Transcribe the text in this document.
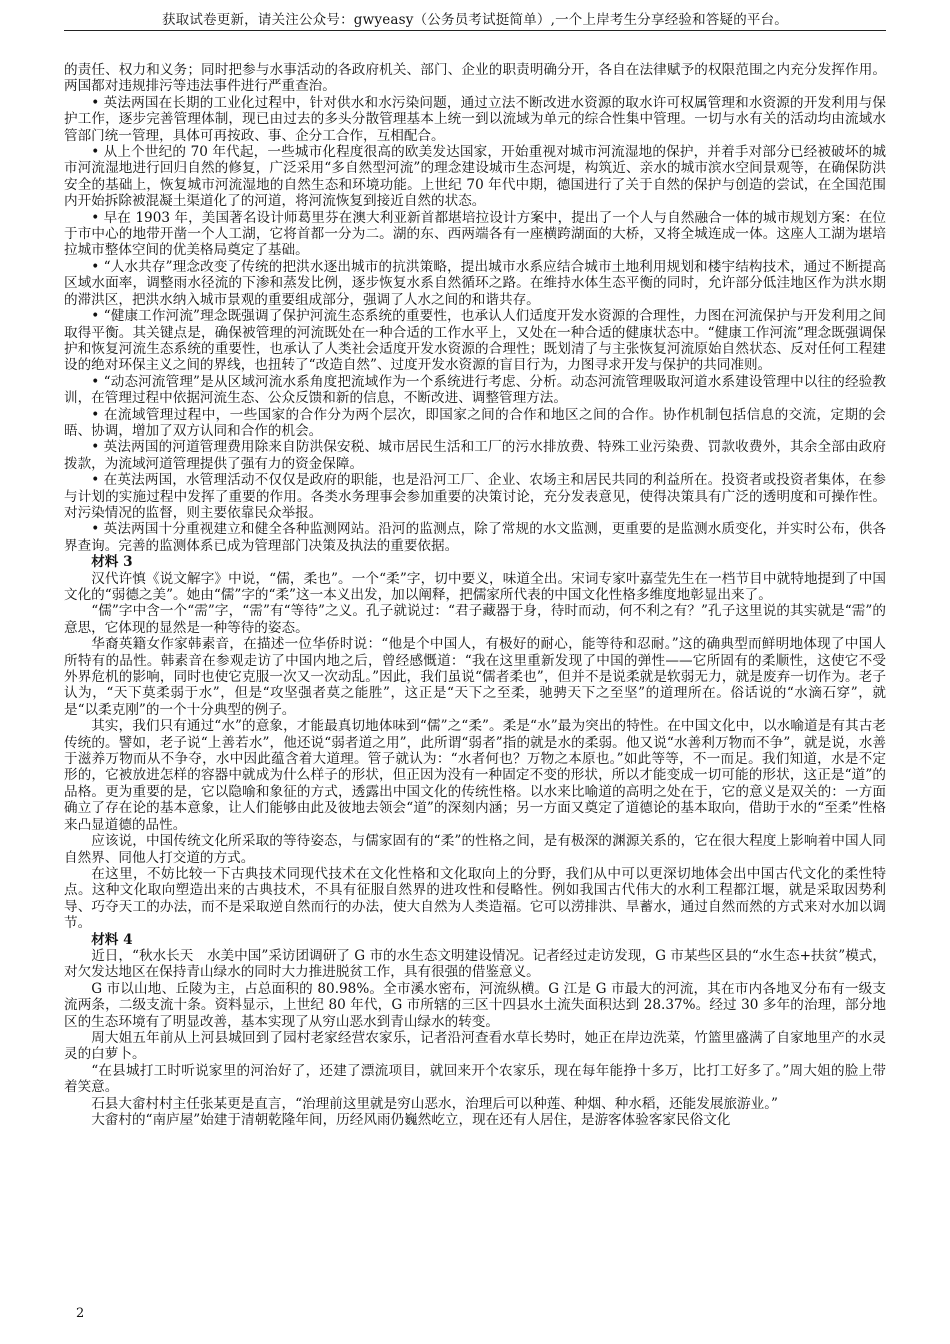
获取试卷更新，请关注公众号：gwyeasy（公务员考试挺简单）,一个上岸考生分享经验和答疑的平台。

的责任、权力和义务；同时把参与水事活动的各政府机关、部门、企业的职责明确分开，各自在法律赋予的权限范围之内充分发挥作用。两国都对违规排污等违法事件进行严重查治。

• 英法两国在长期的工业化过程中，针对供水和水污染问题，通过立法不断改进水资源的取水许可权属管理和水资源的开发利用与保护工作，逐步完善管理体制，现已由过去的多头分散管理基本上统一到以流域为单元的综合性集中管理。一切与水有关的活动均由流域水管部门统一管理，具体可再按政、事、企分工合作，互相配合。

• 从上个世纪的 70 年代起，一些城市化程度很高的欧美发达国家，开始重视对城市河流湿地的保护，并着手对部分已经被破坏的城市河流湿地进行回归自然的修复，广泛采用“多自然型河流”的理念建设城市生态河堤，构筑近、亲水的城市滨水空间景观等，在确保防洪安全的基础上，恢复城市河流湿地的自然生态和环境功能。上世纪 70 年代中期，德国进行了关于自然的保护与创造的尝试，在全国范围内开始拆除被混凝土渠道化了的河道，将河流恢复到接近自然的状态。

• 早在 1903 年，美国著名设计师葛里芬在澳大利亚新首都堪培拉设计方案中，提出了一个人与自然融合一体的城市规划方案：在位于市中心的地带开凿一个人工湖，它将首都一分为二。湖的东、西两端各有一座横跨湖面的大桥，又将全城连成一体。这座人工湖为堪培拉城市整体空间的优美格局奠定了基础。

• “人水共存”理念改变了传统的把洪水逐出城市的抗洪策略，提出城市水系应结合城市土地利用规划和楼宇结构技术，通过不断提高区域水面率，调整雨水径流的下渗和蒸发比例，逐步恢复水系自然循环之路。在维持水体生态平衡的同时，允许部分低洼地区作为洪水期的滞洪区，把洪水纳入城市景观的重要组成部分，强调了人水之间的和谐共存。

• “健康工作河流”理念既强调了保护河流生态系统的重要性，也承认人们适度开发水资源的合理性，力图在河流保护与开发利用之间取得平衡。其关键点是，确保被管理的河流既处在一种合适的工作水平上，又处在一种合适的健康状态中。“健康工作河流”理念既强调保护和恢复河流生态系统的重要性，也承认了人类社会适度开发水资源的合理性；既划清了与主张恢复河流原始自然状态、反对任何工程建设的绝对环保主义之间的界线，也扭转了“改造自然”、过度开发水资源的盲目行为，力图寻求开发与保护的共同准则。

• “动态河流管理”是从区域河流水系角度把流域作为一个系统进行考虑、分析。动态河流管理吸取河道水系建设管理中以往的经验教训，在管理过程中依据河流生态、公众反馈和新的信息，不断改进、调整管理方法。

• 在流域管理过程中，一些国家的合作分为两个层次，即国家之间的合作和地区之间的合作。协作机制包括信息的交流，定期的会晤、协调，增加了双方认同和合作的机会。

• 英法两国的河道管理费用除来自防洪保安税、城市居民生活和工厂的污水排放费、特殊工业污染费、罚款收费外，其余全部由政府拨款，为流域河道管理提供了强有力的资金保障。

• 在英法两国，水管理活动不仅仅是政府的职能，也是沿河工厂、企业、农场主和居民共同的利益所在。投资者或投资者集体，在参与计划的实施过程中发挥了重要的作用。各类水务理事会参加重要的决策讨论，充分发表意见，使得决策具有广泛的透明度和可操作性。对污染情况的监督，则主要依靠民众举报。

• 英法两国十分重视建立和健全各种监测网站。沿河的监测点，除了常规的水文监测，更重要的是监测水质变化，并实时公布，供各界查询。完善的监测体系已成为管理部门决策及执法的重要依据。

材料 3

汉代许慎《说文解字》中说，“儒，柔也”。一个“柔”字，切中要义，味道全出。宋词专家叶嘉莹先生在一档节目中就特地提到了中国文化的“弱德之美”。她由“儒”字的“柔”这一本义出发，加以阐释，把儒家所代表的中国文化性格多维度地彰显出来了。

“儒”字中含一个“需”字，“需”有“等待”之义。孔子就说过：“君子藏器于身，待时而动，何不利之有？”孔子这里说的其实就是“需”的意思，它体现的显然是一种等待的姿态。

华裔英籍女作家韩素音，在描述一位华侨时说：“他是个中国人，有极好的耐心，能等待和忍耐。”这的确典型而鲜明地体现了中国人所特有的品性。韩素音在参观走访了中国内地之后，曾经感慨道：“我在这里重新发现了中国的弹性——它所固有的柔顺性，这使它不受外界危机的影响，同时也使它克服一次又一次动乱。”因此，我们虽说“儒者柔也”，但并不是说柔就是软弱无力，就是废弃一切作为。老子认为，“天下莫柔弱于水”，但是“攻坚强者莫之能胜”，这正是“天下之至柔，驰骋天下之至坚”的道理所在。俗话说的“水滴石穿”，就是“以柔克刚”的一个十分典型的例子。

其实，我们只有通过“水”的意象，才能最真切地体味到“儒”之“柔”。柔是“水”最为突出的特性。在中国文化中，以水喻道是有其古老传统的。譬如，老子说“上善若水”，他还说“弱者道之用”，此所谓“弱者”指的就是水的柔弱。他又说“水善利万物而不争”，就是说，水善于滋养万物而从不争夺，水中因此蕴含着大道理。管子就认为：“水者何也？万物之本原也。”如此等等，不一而足。我们知道，水是不定形的，它被放进怎样的容器中就成为什么样子的形状，但正因为没有一种固定不变的形状，所以才能变成一切可能的形状，这正是“道”的品格。更为重要的是，它以隐喻和象征的方式，透露出中国文化的传统性格。以水来比喻道的高明之处在于，它的意义是双关的：一方面确立了存在论的基本意象，让人们能够由此及彼地去领会“道”的深刻内涵；另一方面又奠定了道德论的基本取向，借助于水的“至柔”性格来凸显道德的品性。

应该说，中国传统文化所采取的等待姿态，与儒家固有的“柔”的性格之间，是有极深的渊源关系的，它在很大程度上影响着中国人同自然界、同他人打交道的方式。

在这里，不妨比较一下古典技术同现代技术在文化性格和文化取向上的分野，我们从中可以更深切地体会出中国古代文化的柔性特点。这种文化取向塑造出来的古典技术，不具有征服自然界的进攻性和侵略性。例如我国古代伟大的水利工程都江堰，就是采取因势利导、巧夺天工的办法，而不是采取逆自然而行的办法，使大自然为人类造福。它可以涝排洪、旱蓄水，通过自然而然的方式来对水加以调节。

材料 4

近日，“秋水长天　水美中国”采访团调研了 G 市的水生态文明建设情况。记者经过走访发现，G 市某些区县的“水生态+扶贫”模式，对欠发达地区在保持青山绿水的同时大力推进脱贫工作，具有很强的借鉴意义。

G 市以山地、丘陵为主，占总面积的 80.98%。全市溪水密布，河流纵横。G 江是 G 市最大的河流，其在市内各地叉分布有一级支流两条，二级支流十条。资料显示，上世纪 80 年代，G 市所辖的三区十四县水土流失面积达到 28.37%。经过 30 多年的治理，部分地区的生态环境有了明显改善，基本实现了从穷山恶水到青山绿水的转变。

周大姐五年前从上河县城回到了园村老家经营农家乐，记者沿河查看水草长势时，她正在岸边洗菜，竹篮里盛满了自家地里产的水灵灵的白萝卜。

“在县城打工时听说家里的河治好了，还建了漂流项目，就回来开个农家乐，现在每年能挣十多万，比打工好多了。”周大姐的脸上带着笑意。

石县大畲村村主任张某更是直言，“治理前这里就是穷山恶水，治理后可以种莲、种烟、种水稻，还能发展旅游业。”

大畲村的“南庐屋”始建于清朝乾隆年间，历经风雨仍巍然屹立，现在还有人居住，是游客体验客家民俗文化

2
